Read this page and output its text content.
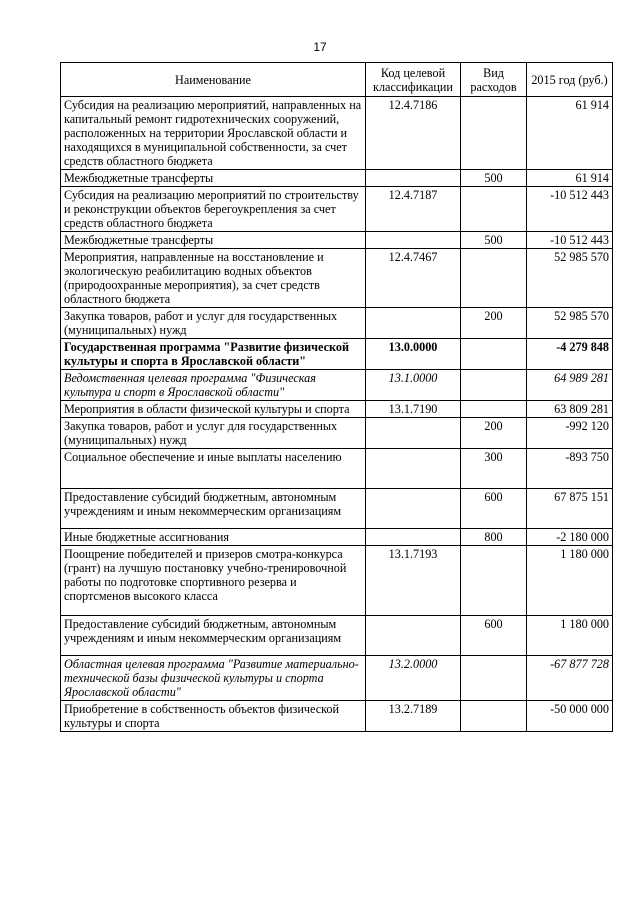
17
Наименование	Код целевой классификации	Вид расходов	2015 год (руб.)
Субсидия на реализацию мероприятий, направленных на капитальный ремонт гидротехнических сооружений, расположенных на территории Ярославской области и находящихся в муниципальной собственности, за счет средств областного бюджета	12.4.7186		61 914
Межбюджетные трансферты		500	61 914
Субсидия на реализацию мероприятий по строительству и реконструкции объектов берегоукрепления за счет средств областного бюджета	12.4.7187		-10 512 443
Межбюджетные трансферты		500	-10 512 443
Мероприятия, направленные на восстановление и экологическую реабилитацию водных объектов (природоохранные мероприятия), за счет средств областного бюджета	12.4.7467		52 985 570
Закупка товаров, работ и услуг для государственных (муниципальных) нужд		200	52 985 570
Государственная программа "Развитие физической культуры и спорта в Ярославской области"	13.0.0000		-4 279 848
Ведомственная целевая программа "Физическая культура и спорт в Ярославской области"	13.1.0000		64 989 281
Мероприятия в области физической культуры и спорта	13.1.7190		63 809 281
Закупка товаров, работ и услуг для государственных (муниципальных) нужд		200	-992 120
Социальное обеспечение и иные выплаты населению		300	-893 750
Предоставление субсидий бюджетным, автономным учреждениям и иным некоммерческим организациям		600	67 875 151
Иные бюджетные ассигнования		800	-2 180 000
Поощрение победителей и призеров смотра-конкурса (грант) на лучшую постановку учебно-тренировочной работы по подготовке спортивного резерва и спортсменов высокого класса	13.1.7193		1 180 000
Предоставление субсидий бюджетным, автономным учреждениям и иным некоммерческим организациям		600	1 180 000
Областная целевая программа "Развитие материально-технической базы физической культуры и спорта Ярославской области"	13.2.0000		-67 877 728
Приобретение в собственность объектов физической культуры и спорта	13.2.7189		-50 000 000
